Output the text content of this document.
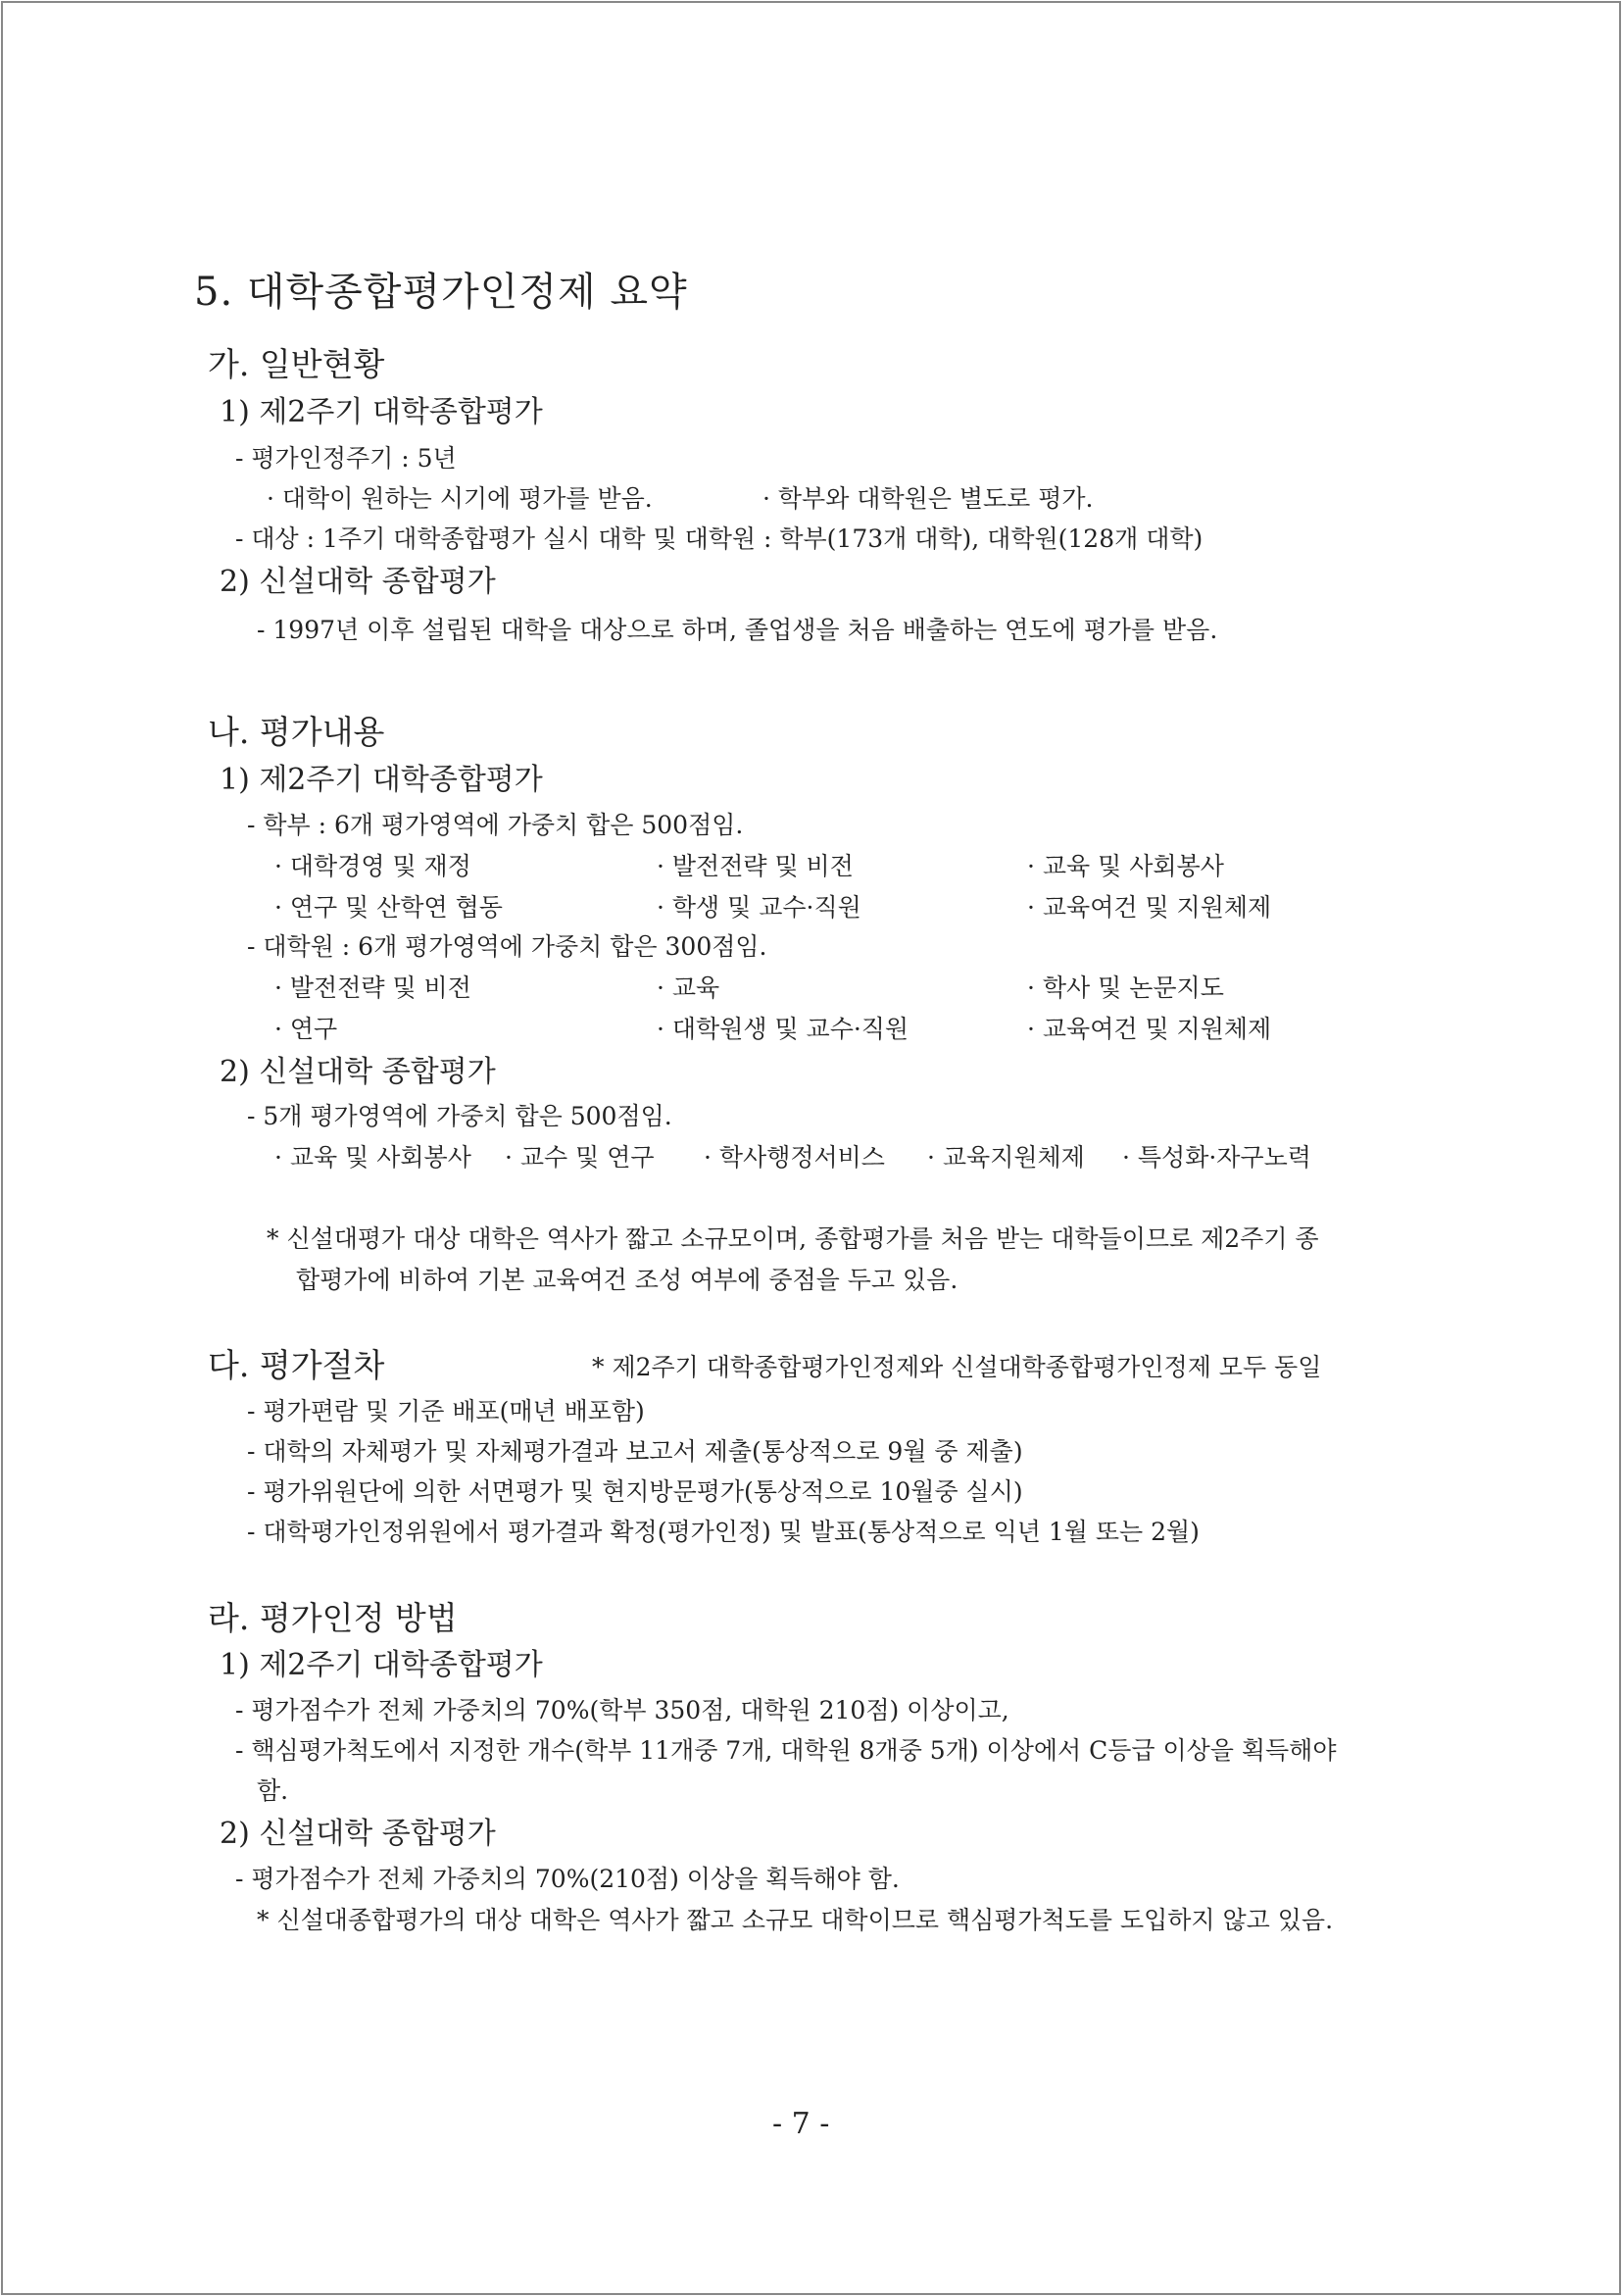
5. 대학종합평가인정제 요약
가. 일반현황
1) 제2주기 대학종합평가
- 평가인정주기 : 5년
· 대학이 원하는 시기에 평가를 받음.	· 학부와 대학원은 별도로 평가.
- 대상 : 1주기 대학종합평가 실시 대학 및 대학원 : 학부(173개 대학), 대학원(128개 대학)
2) 신설대학 종합평가
- 1997년 이후 설립된 대학을 대상으로 하며, 졸업생을 처음 배출하는 연도에 평가를 받음.
나. 평가내용
1) 제2주기 대학종합평가
- 학부 : 6개 평가영역에 가중치 합은 500점임.
· 대학경영 및 재정	· 발전전략 및 비전	· 교육 및 사회봉사
· 연구 및 산학연 협동	· 학생 및 교수·직원	· 교육여건 및 지원체제
- 대학원 : 6개 평가영역에 가중치 합은 300점임.
· 발전전략 및 비전	· 교육	· 학사 및 논문지도
· 연구	· 대학원생 및 교수·직원	· 교육여건 및 지원체제
2) 신설대학 종합평가
- 5개 평가영역에 가중치 합은 500점임.
· 교육 및 사회봉사 · 교수 및 연구 · 학사행정서비스 · 교육지원체제 · 특성화·자구노력
* 신설대평가 대상 대학은 역사가 짧고 소규모이며, 종합평가를 처음 받는 대학들이므로 제2주기 종
합평가에 비하여 기본 교육여건 조성 여부에 중점을 두고 있음.
다. 평가절차	* 제2주기 대학종합평가인정제와 신설대학종합평가인정제 모두 동일
- 평가편람 및 기준 배포(매년 배포함)
- 대학의 자체평가 및 자체평가결과 보고서 제출(통상적으로 9월 중 제출)
- 평가위원단에 의한 서면평가 및 현지방문평가(통상적으로 10월중 실시)
- 대학평가인정위원에서 평가결과 확정(평가인정) 및 발표(통상적으로 익년 1월 또는 2월)
라. 평가인정 방법
1) 제2주기 대학종합평가
- 평가점수가 전체 가중치의 70%(학부 350점, 대학원 210점) 이상이고,
- 핵심평가척도에서 지정한 개수(학부 11개중 7개, 대학원 8개중 5개) 이상에서 C등급 이상을 획득해야
함.
2) 신설대학 종합평가
- 평가점수가 전체 가중치의 70%(210점) 이상을 획득해야 함.
* 신설대종합평가의 대상 대학은 역사가 짧고 소규모 대학이므로 핵심평가척도를 도입하지 않고 있음.
- 7 -
